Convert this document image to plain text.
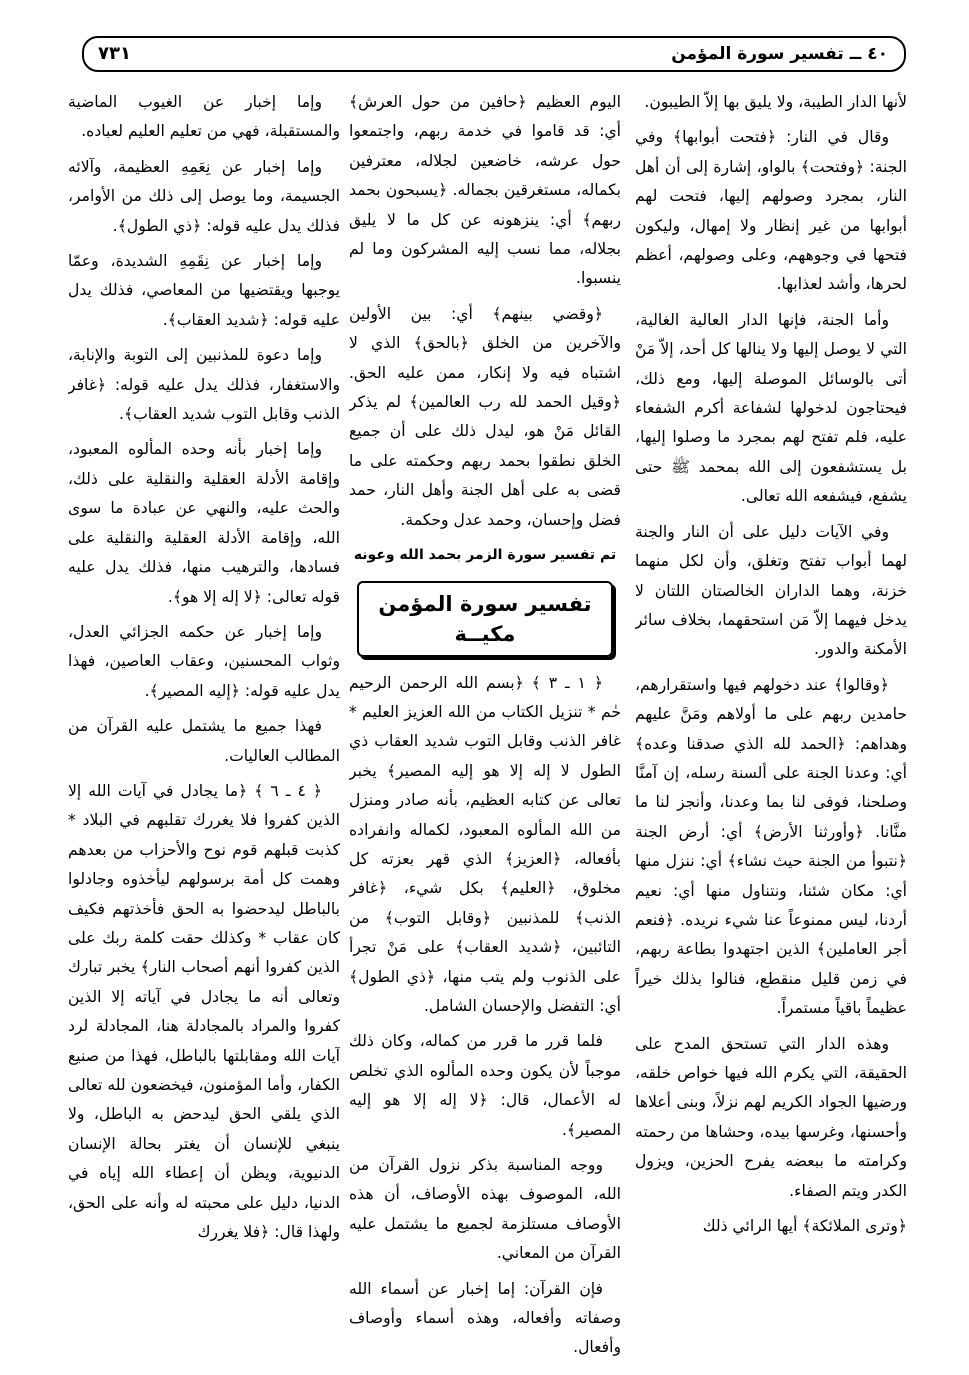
٤٠ ــ تفسير سورة المؤمن
٧٣١

لأنها الدار الطيبة، ولا يليق بها إلاّ الطيبون.

وقال في النار: ﴿فتحت أبوابها﴾ وفي الجنة: ﴿وفتحت﴾ بالواو، إشارة إلى أن أهل النار، بمجرد وصولهم إليها، فتحت لهم أبوابها من غير إنظار ولا إمهال، وليكون فتحها في وجوههم، وعلى وصولهم، أعظم لحرها، وأشد لعذابها.

وأما الجنة، فإنها الدار العالية الغالية، التي لا يوصل إليها ولا ينالها كل أحد، إلاّ مَنْ أتى بالوسائل الموصلة إليها، ومع ذلك، فيحتاجون لدخولها لشفاعة أكرم الشفعاء عليه، فلم تفتح لهم بمجرد ما وصلوا إليها، بل يستشفعون إلى الله بمحمد ﷺ حتى يشفع، فيشفعه الله تعالى.

وفي الآيات دليل على أن النار والجنة لهما أبواب تفتح وتغلق، وأن لكل منهما خزنة، وهما الداران الخالصتان اللتان لا يدخل فيهما إلاّ مَن استحقهما، بخلاف سائر الأمكنة والدور.

﴿وقالوا﴾ عند دخولهم فيها واستقرارهم، حامدين ربهم على ما أولاهم ومَنَّ عليهم وهداهم: ﴿الحمد لله الذي صدقنا وعده﴾ أي: وعدنا الجنة على ألسنة رسله، إن آمنَّا وصلحنا، فوفى لنا بما وعدنا، وأنجز لنا ما منَّانا. ﴿وأورثنا الأرض﴾ أي: أرض الجنة ﴿نتبوأ من الجنة حيث نشاء﴾ أي: ننزل منها أي: مكان شئنا، ونتناول منها أي: نعيم أردنا، ليس ممنوعاً عنا شيء نريده. ﴿فنعم أجر العاملين﴾ الذين اجتهدوا بطاعة ربهم، في زمن قليل منقطع، فنالوا بذلك خيراً عظيماً باقياً مستمراً.

وهذه الدار التي تستحق المدح على الحقيقة، التي يكرم الله فيها خواص خلقه، ورضيها الجواد الكريم لهم نزلاً، وبنى أعلاها وأحسنها، وغرسها بيده، وحشاها من رحمته وكرامته ما ببعضه يفرح الحزين، ويزول الكدر ويتم الصفاء.

﴿وترى الملائكة﴾ أيها الرائي ذلك

اليوم العظيم ﴿حافين من حول العرش﴾ أي: قد قاموا في خدمة ربهم، واجتمعوا حول عرشه، خاضعين لجلاله، معترفين بكماله، مستغرقين بجماله. ﴿يسبحون بحمد ربهم﴾ أي: ينزهونه عن كل ما لا يليق بجلاله، مما نسب إليه المشركون وما لم ينسبوا.

﴿وقضي بينهم﴾ أي: بين الأولين والآخرين من الخلق ﴿بالحق﴾ الذي لا اشتباه فيه ولا إنكار، ممن عليه الحق. ﴿وقيل الحمد لله رب العالمين﴾ لم يذكر القائل مَنْ هو، ليدل ذلك على أن جميع الخلق نطقوا بحمد ربهم وحكمته على ما قضى به على أهل الجنة وأهل النار، حمد فضل وإحسان، وحمد عدل وحكمة.

تم تفسير سورة الزمر بحمد الله وعونه
تفسير سورة المؤمن
مكيــة

﴿ ١ ـ ٣ ﴾ ﴿بسم الله الرحمن الرحيم حٰم * تنزيل الكتاب من الله العزيز العليم * غافر الذنب وقابل التوب شديد العقاب ذي الطول لا إله إلا هو إليه المصير﴾ يخبر تعالى عن كتابه العظيم، بأنه صادر ومنزل من الله المألوه المعبود، لكماله وانفراده بأفعاله، ﴿العزيز﴾ الذي قهر بعزته كل مخلوق، ﴿العليم﴾ بكل شيء، ﴿غافر الذنب﴾ للمذنبين ﴿وقابل التوب﴾ من التائبين، ﴿شديد العقاب﴾ على مَنْ تجرأ على الذنوب ولم يتب منها، ﴿ذي الطول﴾ أي: التفضل والإحسان الشامل.

فلما قرر ما قرر من كماله، وكان ذلك موجباً لأن يكون وحده المألوه الذي تخلص له الأعمال، قال: ﴿لا إله إلا هو إليه المصير﴾.

ووجه المناسبة بذكر نزول القرآن من الله، الموصوف بهذه الأوصاف، أن هذه الأوصاف مستلزمة لجميع ما يشتمل عليه القرآن من المعاني.

فإن القرآن: إما إخبار عن أسماء الله وصفاته وأفعاله، وهذه أسماء وأوصاف وأفعال.

وإما إخبار عن الغيوب الماضية والمستقبلة، فهي من تعليم العليم لعباده.

وإما إخبار عن نِعَمِهِ العظيمة، وآلائه الجسيمة، وما يوصل إلى ذلك من الأوامر، فذلك يدل عليه قوله: ﴿ذي الطول﴾.

وإما إخبار عن نِقَمِهِ الشديدة، وعمّا يوجبها ويقتضيها من المعاصي، فذلك يدل عليه قوله: ﴿شديد العقاب﴾.

وإما دعوة للمذنبين إلى التوبة والإنابة، والاستغفار، فذلك يدل عليه قوله: ﴿غافر الذنب وقابل التوب شديد العقاب﴾.

وإما إخبار بأنه وحده المألوه المعبود، وإقامة الأدلة العقلية والنقلية على ذلك، والحث عليه، والنهي عن عبادة ما سوى الله، وإقامة الأدلة العقلية والنقلية على فسادها، والترهيب منها، فذلك يدل عليه قوله تعالى: ﴿لا إله إلا هو﴾.

وإما إخبار عن حكمه الجزائي العدل، وثواب المحسنين، وعقاب العاصين، فهذا يدل عليه قوله: ﴿إليه المصير﴾.

فهذا جميع ما يشتمل عليه القرآن من المطالب العاليات.

﴿ ٤ ـ ٦ ﴾ ﴿ما يجادل في آيات الله إلا الذين كفروا فلا يغررك تقلبهم في البلاد * كذبت قبلهم قوم نوح والأحزاب من بعدهم وهمت كل أمة برسولهم ليأخذوه وجادلوا بالباطل ليدحضوا به الحق فأخذتهم فكيف كان عقاب * وكذلك حقت كلمة ربك على الذين كفروا أنهم أصحاب النار﴾ يخبر تبارك وتعالى أنه ما يجادل في آياته إلا الذين كفروا والمراد بالمجادلة هنا، المجادلة لرد آيات الله ومقابلتها بالباطل، فهذا من صنيع الكفار، وأما المؤمنون، فيخضعون لله تعالى الذي يلقي الحق ليدحض به الباطل، ولا ينبغي للإنسان أن يغتر بحالة الإنسان الدنيوية، ويظن أن إعطاء الله إياه في الدنيا، دليل على محبته له وأنه على الحق، ولهذا قال: ﴿فلا يغررك
